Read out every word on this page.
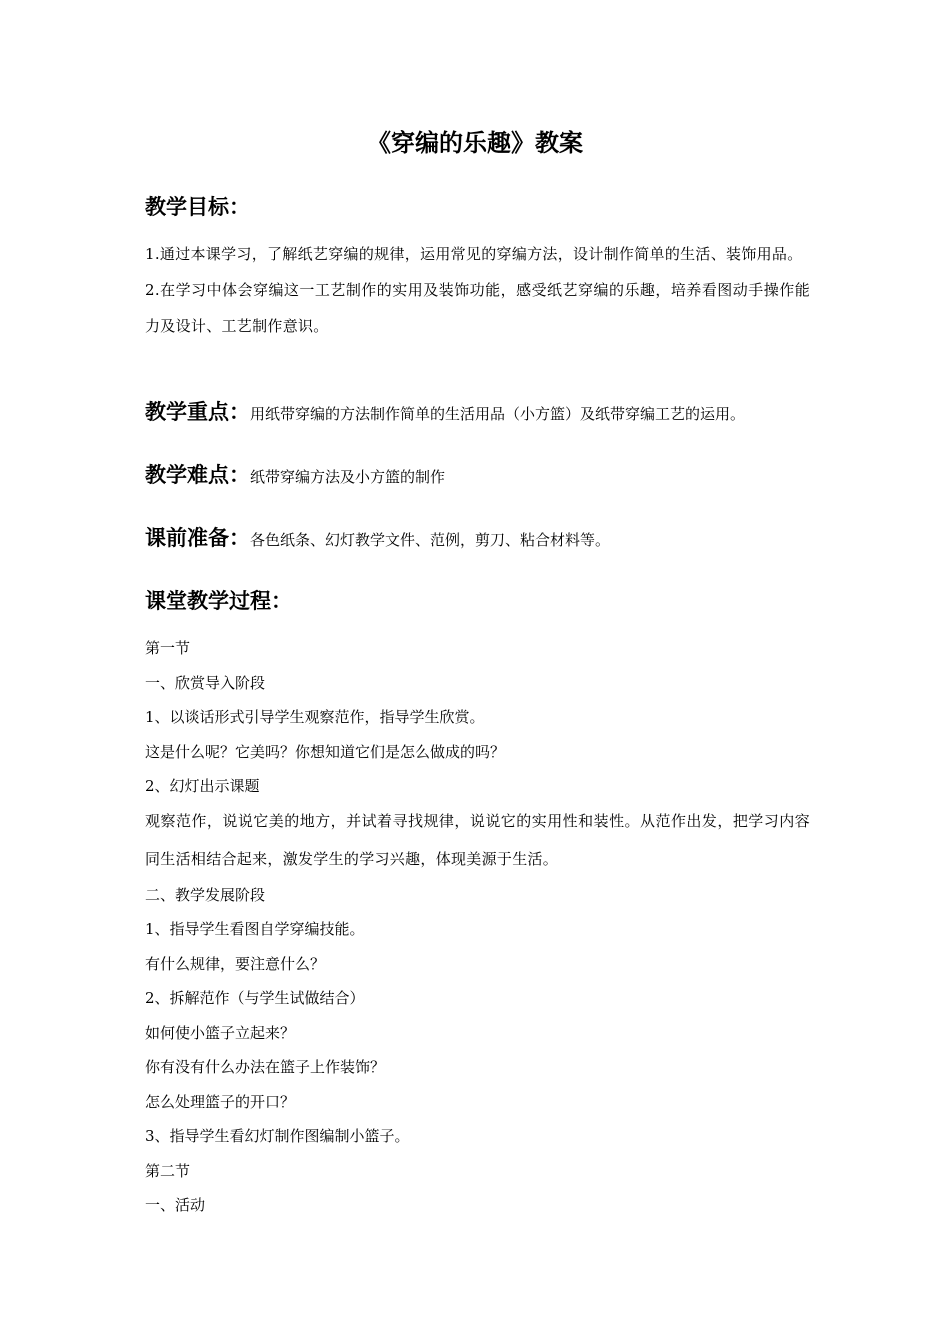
《穿编的乐趣》教案
教学目标：

1.通过本课学习，了解纸艺穿编的规律，运用常见的穿编方法，设计制作简单的生活、装饰用品。

2.在学习中体会穿编这一工艺制作的实用及装饰功能，感受纸艺穿编的乐趣，培养看图动手操作能力及设计、工艺制作意识。

教学重点：用纸带穿编的方法制作简单的生活用品（小方篮）及纸带穿编工艺的运用。
教学难点：纸带穿编方法及小方篮的制作
课前准备：各色纸条、幻灯教学文件、范例，剪刀、粘合材料等。
课堂教学过程：

第一节

一、欣赏导入阶段

1、以谈话形式引导学生观察范作，指导学生欣赏。

这是什么呢？它美吗？你想知道它们是怎么做成的吗？

2、幻灯出示课题

观察范作，说说它美的地方，并试着寻找规律，说说它的实用性和装性。从范作出发，把学习内容同生活相结合起来，激发学生的学习兴趣，体现美源于生活。

二、教学发展阶段

1、指导学生看图自学穿编技能。

有什么规律，要注意什么？

2、拆解范作（与学生试做结合）

如何使小篮子立起来？

你有没有什么办法在篮子上作装饰？

怎么处理篮子的开口？

3、指导学生看幻灯制作图编制小篮子。

第二节

一、活动
